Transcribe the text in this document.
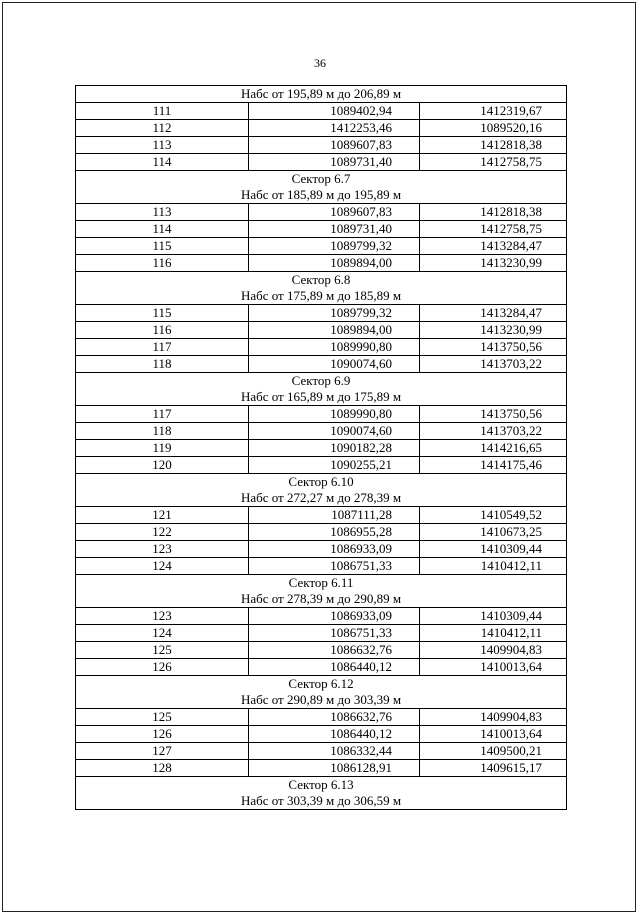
36
Набс от 195,89 м до 206,89 м		

111	1089402,94	1412319,67
112	1412253,46	1089520,16
113	1089607,83	1412818,38
114	1089731,40	1412758,75

Сектор 6.7
Набс от 185,89 м до 195,89 м		

113	1089607,83	1412818,38
114	1089731,40	1412758,75
115	1089799,32	1413284,47
116	1089894,00	1413230,99

Сектор 6.8
Набс от 175,89 м до 185,89 м		

115	1089799,32	1413284,47
116	1089894,00	1413230,99
117	1089990,80	1413750,56
118	1090074,60	1413703,22

Сектор 6.9
Набс от 165,89 м до 175,89 м		

117	1089990,80	1413750,56
118	1090074,60	1413703,22
119	1090182,28	1414216,65
120	1090255,21	1414175,46

Сектор 6.10
Набс от 272,27 м до 278,39 м		

121	1087111,28	1410549,52
122	1086955,28	1410673,25
123	1086933,09	1410309,44
124	1086751,33	1410412,11

Сектор 6.11
Набс от 278,39 м до 290,89 м		

123	1086933,09	1410309,44
124	1086751,33	1410412,11
125	1086632,76	1409904,83
126	1086440,12	1410013,64

Сектор 6.12
Набс от 290,89 м до 303,39 м		

125	1086632,76	1409904,83
126	1086440,12	1410013,64
127	1086332,44	1409500,21
128	1086128,91	1409615,17

Сектор 6.13
Набс от 303,39 м до 306,59 м		
